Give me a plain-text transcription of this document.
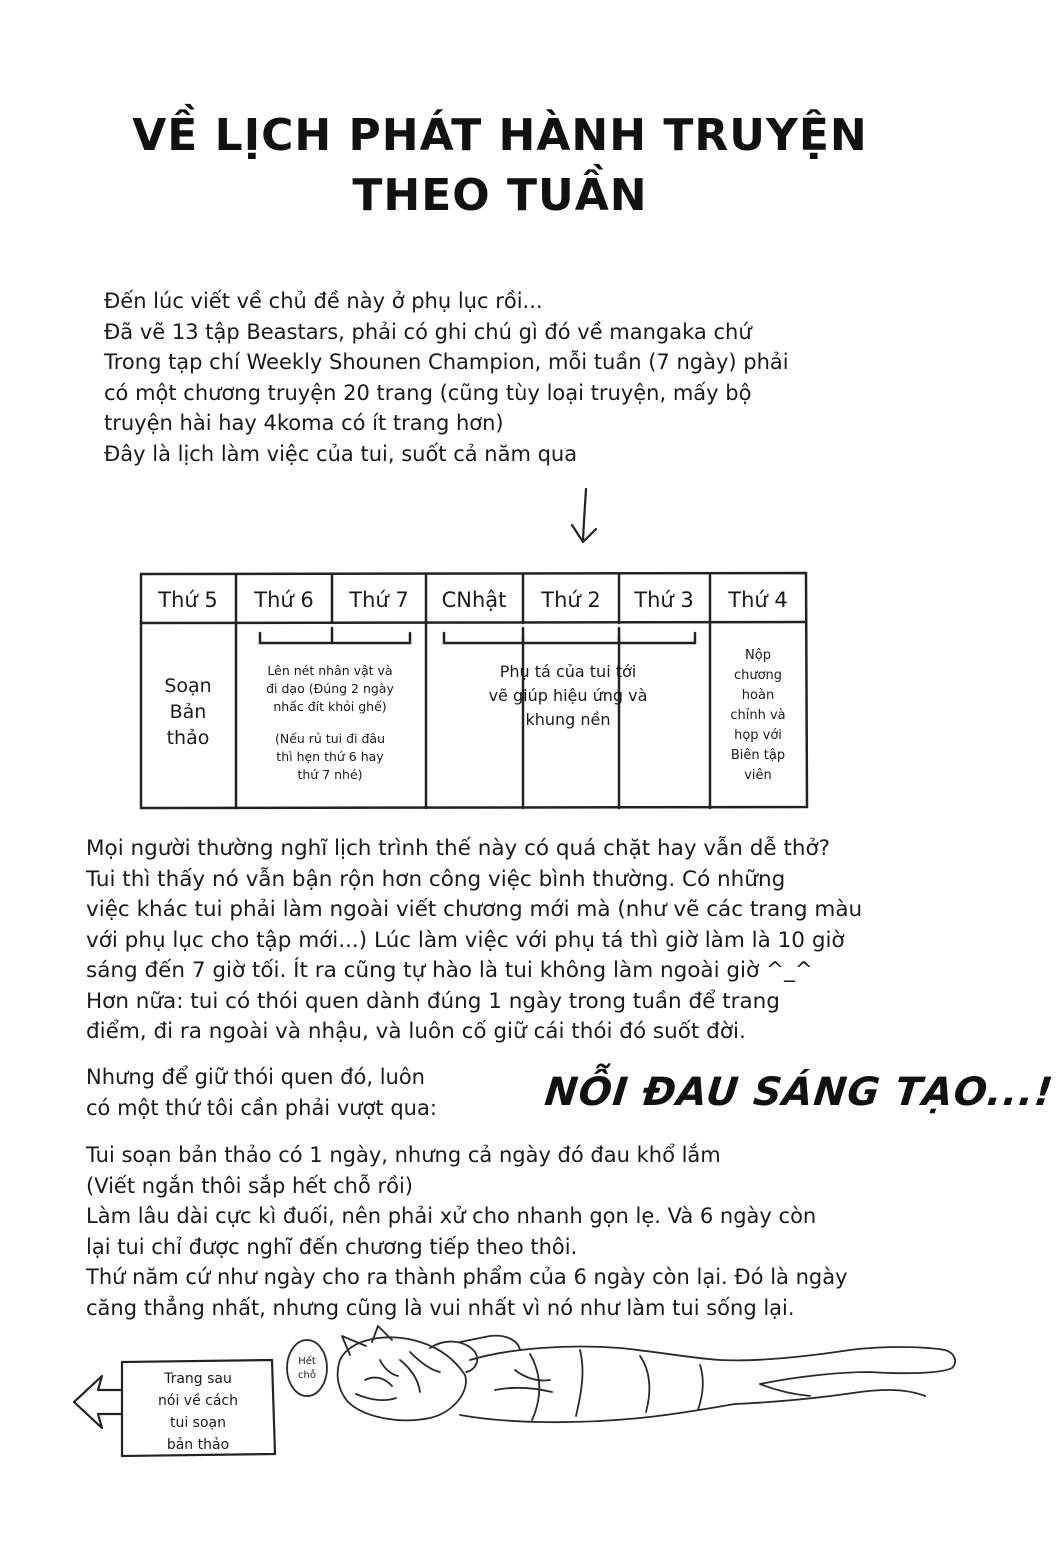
VỀ LỊCH PHÁT HÀNH TRUYỆN
THEO TUẦN
Đến lúc viết về chủ đề này ở phụ lục rồi...
Đã vẽ 13 tập Beastars, phải có ghi chú gì đó về mangaka chứ
Trong tạp chí Weekly Shounen Champion, mỗi tuần (7 ngày) phải
có một chương truyện 20 trang (cũng tùy loại truyện, mấy bộ
truyện hài hay 4koma có ít trang hơn)
Đây là lịch làm việc của tui, suốt cả năm qua
Thứ 5 Thứ 6 Thứ 7 CNhật Thứ 2 Thứ 3 Thứ 4
Soạn
Bản
thảo
Lên nét nhân vật và
đi dạo (Đúng 2 ngày
nhấc đít khỏi ghế)
(Nếu rủ tui đi đâu
thì hẹn thứ 6 hay
thứ 7 nhé)
Phụ tá của tui tới
vẽ giúp hiệu ứng và
khung nền
Nộp
chương
hoàn
chỉnh và
họp với
Biên tập
viên
Mọi người thường nghĩ lịch trình thế này có quá chặt hay vẫn dễ thở?
Tui thì thấy nó vẫn bận rộn hơn công việc bình thường. Có những
việc khác tui phải làm ngoài viết chương mới mà (như vẽ các trang màu
với phụ lục cho tập mới...) Lúc làm việc với phụ tá thì giờ làm là 10 giờ
sáng đến 7 giờ tối. Ít ra cũng tự hào là tui không làm ngoài giờ ^_^
Hơn nữa: tui có thói quen dành đúng 1 ngày trong tuần để trang
điểm, đi ra ngoài và nhậu, và luôn cố giữ cái thói đó suốt đời.
Nhưng để giữ thói quen đó, luôn
có một thứ tôi cần phải vượt qua:	NỖI ĐAU SÁNG TẠO...!
Tui soạn bản thảo có 1 ngày, nhưng cả ngày đó đau khổ lắm
(Viết ngắn thôi sắp hết chỗ rồi)
Làm lâu dài cực kì đuối, nên phải xử cho nhanh gọn lẹ. Và 6 ngày còn
lại tui chỉ được nghĩ đến chương tiếp theo thôi.
Thứ năm cứ như ngày cho ra thành phẩm của 6 ngày còn lại. Đó là ngày
căng thẳng nhất, nhưng cũng là vui nhất vì nó như làm tui sống lại.
Trang sau
nói về cách
tui soạn
bản thảo
Hết
chỗ
